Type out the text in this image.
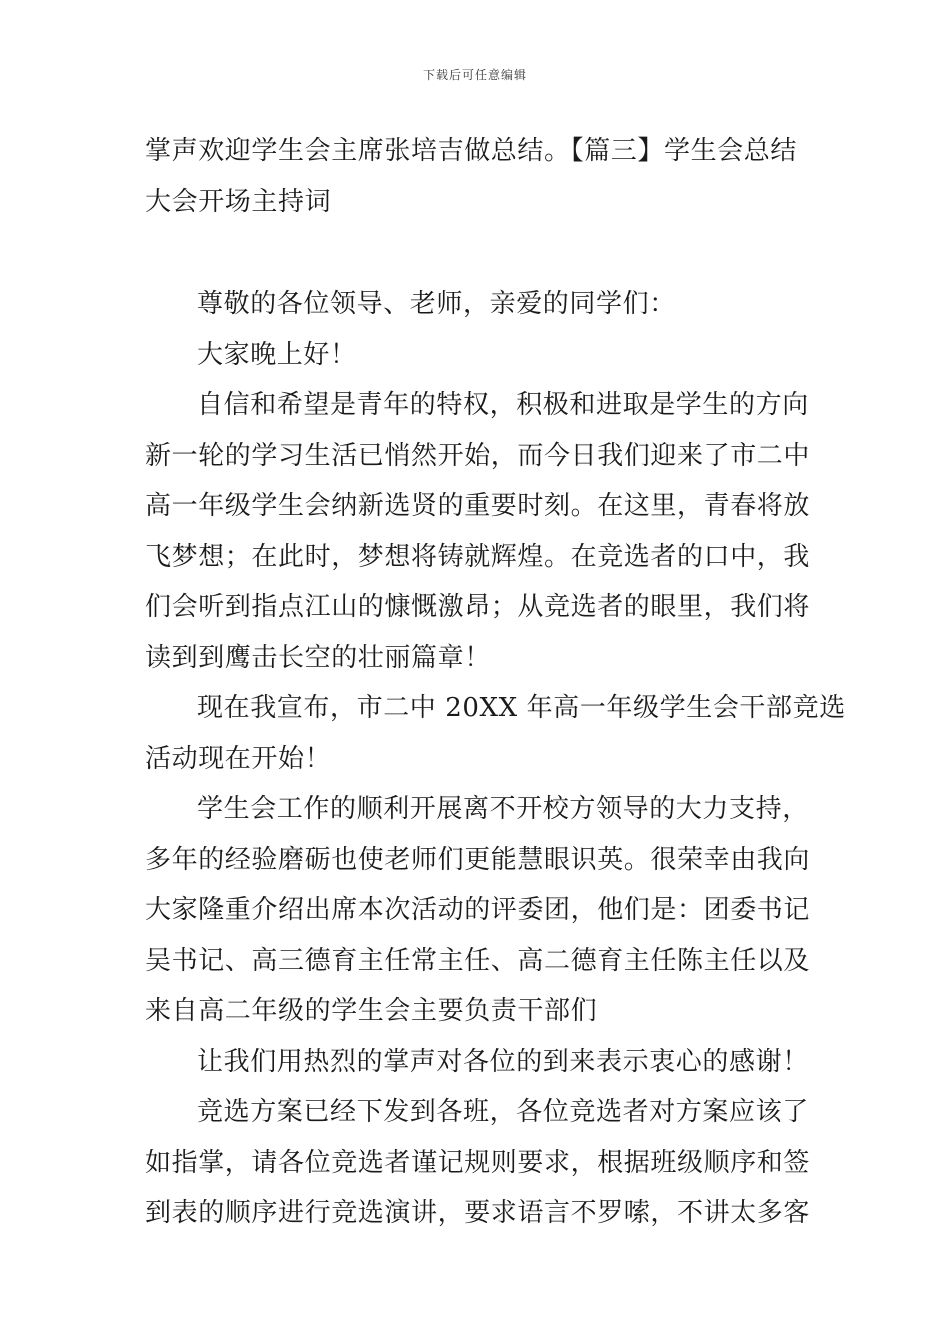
下载后可任意编辑
掌声欢迎学生会主席张培吉做总结。【篇三】学生会总结
大会开场主持词
尊敬的各位领导、老师，亲爱的同学们：
大家晚上好！
自信和希望是青年的特权，积极和进取是学生的方向
新一轮的学习生活已悄然开始，而今日我们迎来了市二中
高一年级学生会纳新选贤的重要时刻。在这里，青春将放
飞梦想；在此时，梦想将铸就辉煌。在竞选者的口中，我
们会听到指点江山的慷慨激昂；从竞选者的眼里，我们将
读到到鹰击长空的壮丽篇章！
现在我宣布，市二中 20XX 年高一年级学生会干部竞选
活动现在开始！
学生会工作的顺利开展离不开校方领导的大力支持，
多年的经验磨砺也使老师们更能慧眼识英。很荣幸由我向
大家隆重介绍出席本次活动的评委团，他们是：团委书记
吴书记、高三德育主任常主任、高二德育主任陈主任以及
来自高二年级的学生会主要负责干部们
让我们用热烈的掌声对各位的到来表示衷心的感谢！
竞选方案已经下发到各班，各位竞选者对方案应该了
如指掌，请各位竞选者谨记规则要求，根据班级顺序和签
到表的顺序进行竞选演讲，要求语言不罗嗦，不讲太多客
